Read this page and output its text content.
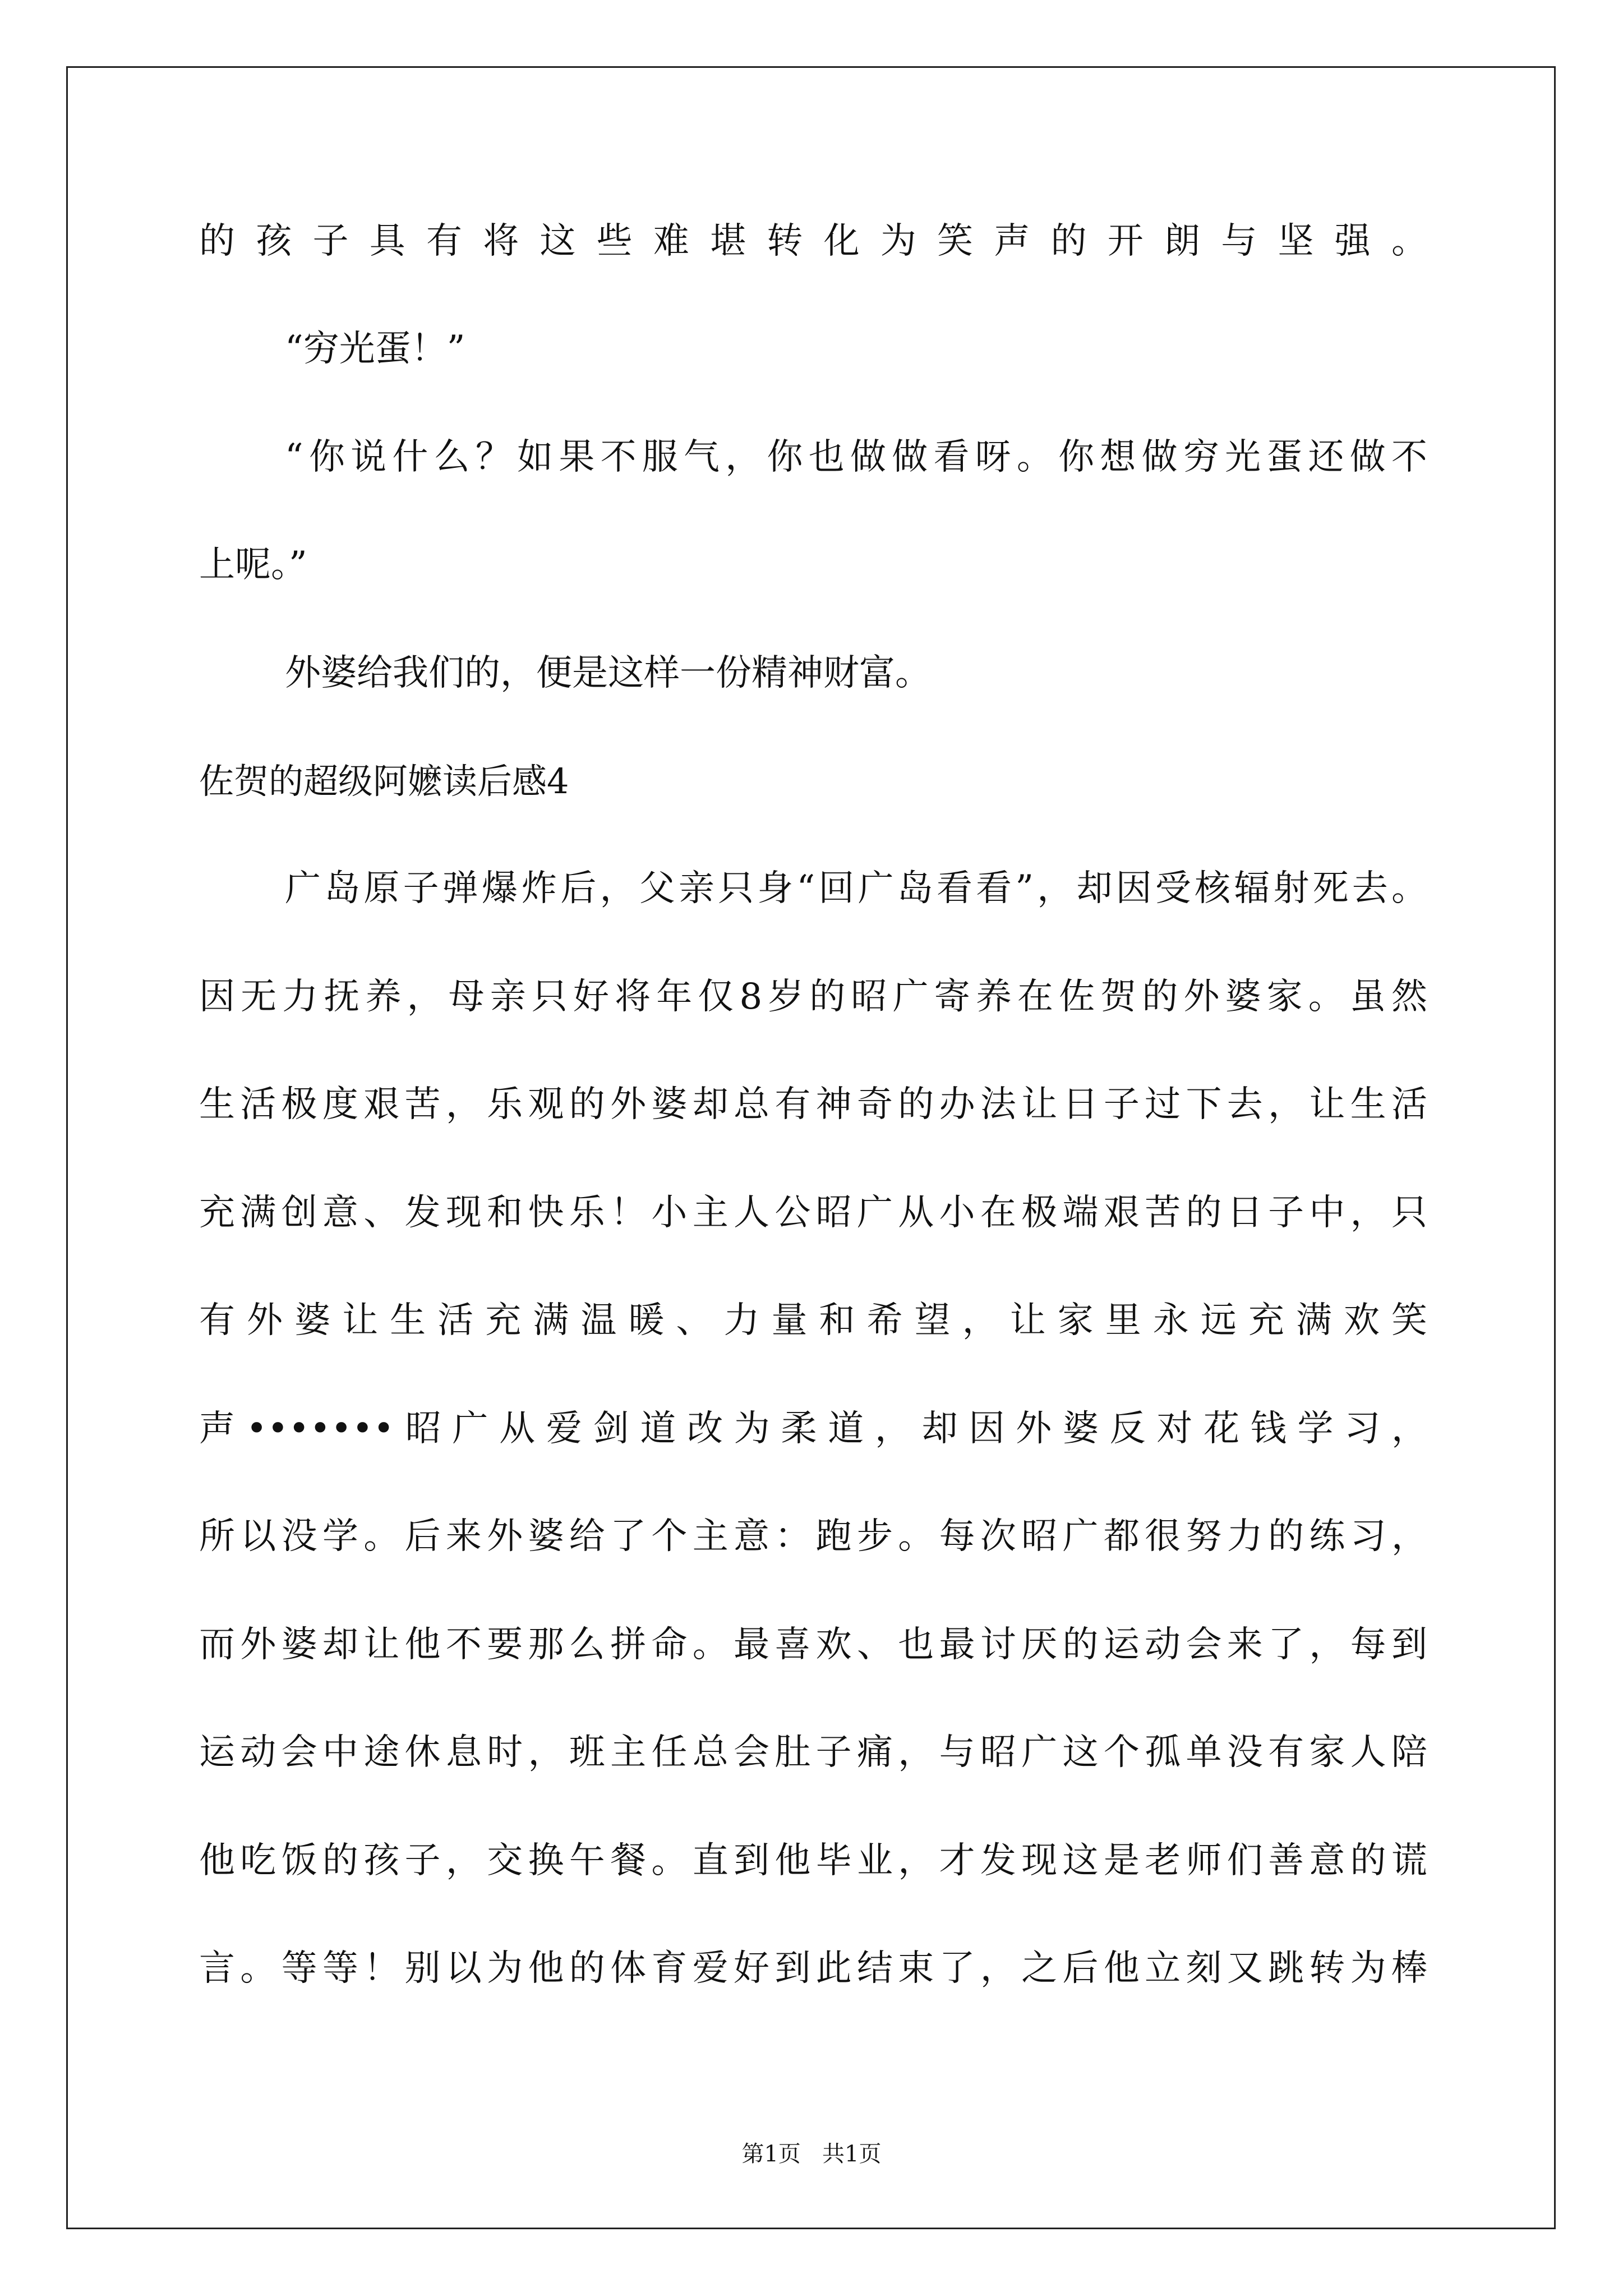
的孩子具有将这些难堪转化为笑声的开朗与坚强。
“穷光蛋！”
“你说什么？如果不服气，你也做做看呀。你想做穷光蛋还做不
上呢。”
外婆给我们的，便是这样一份精神财富。
佐贺的超级阿嬷读后感4
广岛原子弹爆炸后，父亲只身“回广岛看看”，却因受核辐射死去。
因无力抚养，母亲只好将年仅8岁的昭广寄养在佐贺的外婆家。虽然
生活极度艰苦，乐观的外婆却总有神奇的办法让日子过下去，让生活
充满创意、发现和快乐！小主人公昭广从小在极端艰苦的日子中，只
有外婆让生活充满温暖、力量和希望，让家里永远充满欢笑
声•••••••昭广从爱剑道改为柔道，却因外婆反对花钱学习，
所以没学。后来外婆给了个主意：跑步。每次昭广都很努力的练习，
而外婆却让他不要那么拼命。最喜欢、也最讨厌的运动会来了，每到
运动会中途休息时，班主任总会肚子痛，与昭广这个孤单没有家人陪
他吃饭的孩子，交换午餐。直到他毕业，才发现这是老师们善意的谎
言。等等！别以为他的体育爱好到此结束了，之后他立刻又跳转为棒
第1页   共1页
